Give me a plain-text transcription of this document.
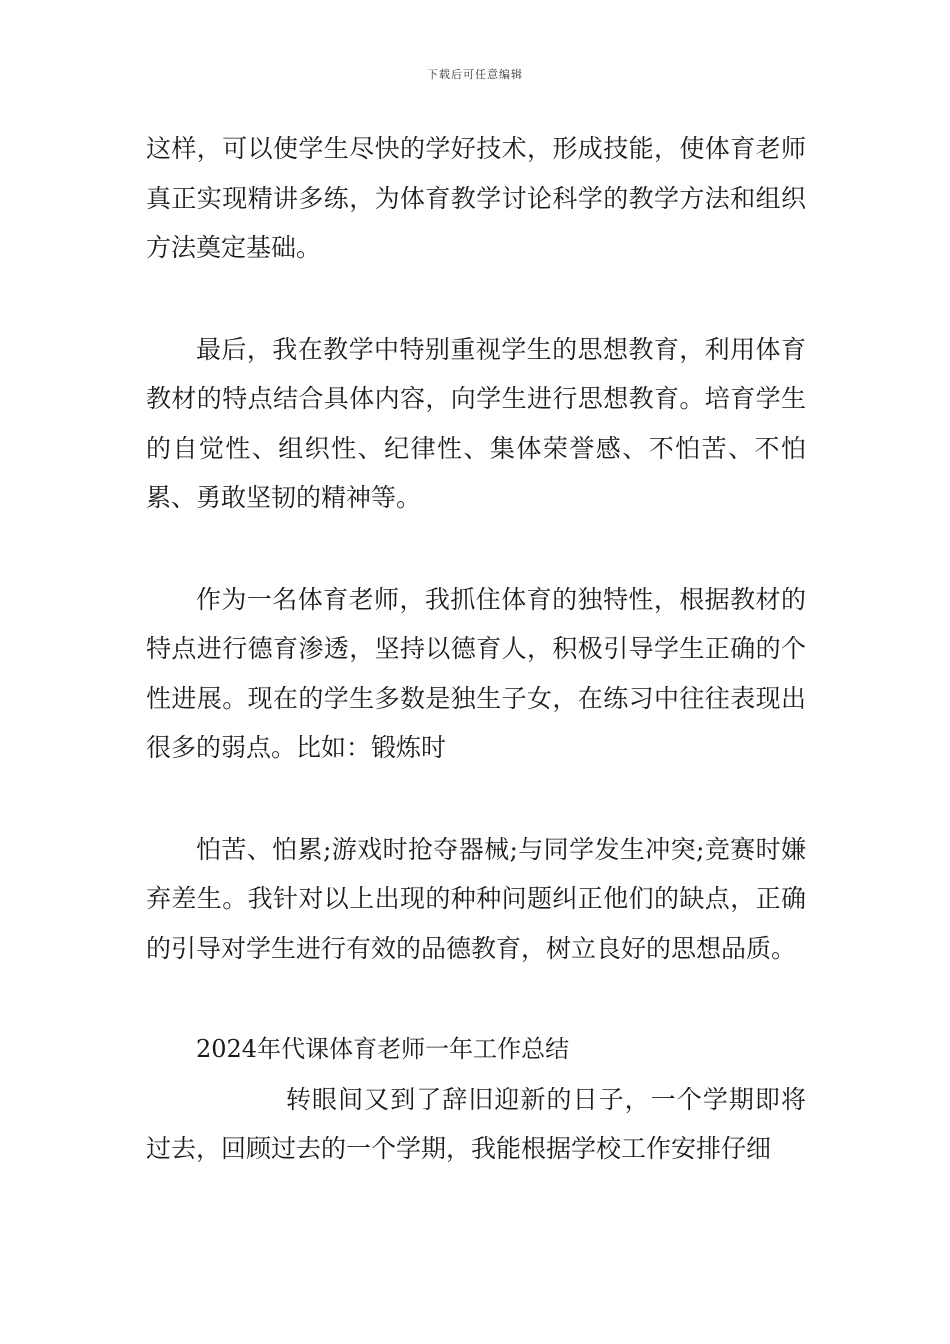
下载后可任意编辑

这样，可以使学生尽快的学好技术，形成技能，使体育老师真正实现精讲多练，为体育教学讨论科学的教学方法和组织方法奠定基础。

最后，我在教学中特别重视学生的思想教育，利用体育教材的特点结合具体内容，向学生进行思想教育。培育学生的自觉性、组织性、纪律性、集体荣誉感、不怕苦、不怕累、勇敢坚韧的精神等。

作为一名体育老师，我抓住体育的独特性，根据教材的特点进行德育渗透，坚持以德育人，积极引导学生正确的个性进展。现在的学生多数是独生子女，在练习中往往表现出很多的弱点。比如：锻炼时

怕苦、怕累;游戏时抢夺器械;与同学发生冲突;竞赛时嫌弃差生。我针对以上出现的种种问题纠正他们的缺点，正确的引导对学生进行有效的品德教育，树立良好的思想品质。

2024年代课体育老师一年工作总结

转眼间又到了辞旧迎新的日子，一个学期即将过去，回顾过去的一个学期，我能根据学校工作安排仔细
